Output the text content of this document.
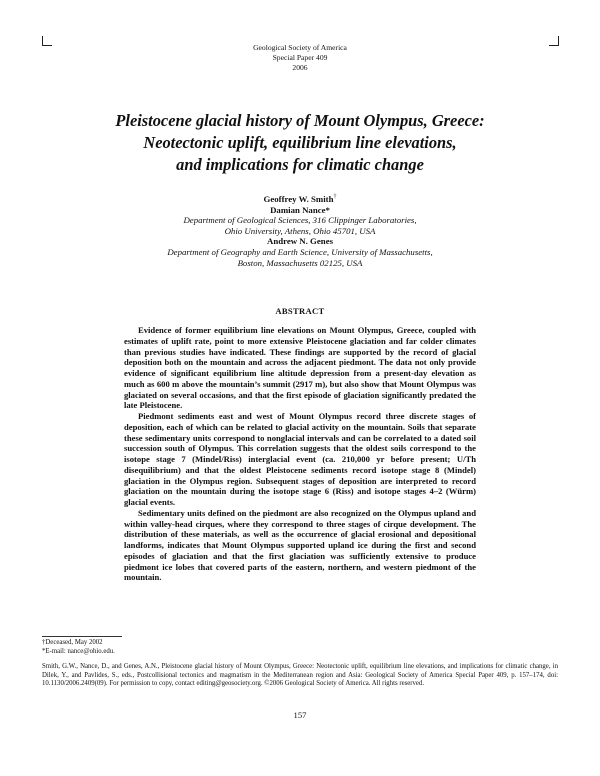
Geological Society of America
Special Paper 409
2006
Pleistocene glacial history of Mount Olympus, Greece:
Neotectonic uplift, equilibrium line elevations,
and implications for climatic change
Geoffrey W. Smith†
Damian Nance*
Department of Geological Sciences, 316 Clippinger Laboratories,
Ohio University, Athens, Ohio 45701, USA
Andrew N. Genes
Department of Geography and Earth Science, University of Massachusetts,
Boston, Massachusetts 02125, USA
ABSTRACT

Evidence of former equilibrium line elevations on Mount Olympus, Greece, coupled with estimates of uplift rate, point to more extensive Pleistocene glaciation and far colder climates than previous studies have indicated. These findings are supported by the record of glacial deposition both on the mountain and across the adjacent piedmont. The data not only provide evidence of significant equilibrium line altitude depression from a present-day elevation as much as 600 m above the mountain’s summit (2917 m), but also show that Mount Olympus was glaciated on several occasions, and that the first episode of glaciation significantly predated the late Pleistocene.

Piedmont sediments east and west of Mount Olympus record three discrete stages of deposition, each of which can be related to glacial activity on the mountain. Soils that separate these sedimentary units correspond to nonglacial intervals and can be correlated to a dated soil succession south of Olympus. This correlation suggests that the oldest soils correspond to the isotope stage 7 (Mindel/Riss) interglacial event (ca. 210,000 yr before present; U/Th disequilibrium) and that the oldest Pleistocene sediments record isotope stage 8 (Mindel) glaciation in the Olympus region. Subsequent stages of deposition are interpreted to record glaciation on the mountain during the isotope stage 6 (Riss) and isotope stages 4–2 (Würm) glacial events.

Sedimentary units defined on the piedmont are also recognized on the Olympus upland and within valley-head cirques, where they correspond to three stages of cirque development. The distribution of these materials, as well as the occurrence of glacial erosional and depositional landforms, indicates that Mount Olympus supported upland ice during the first and second episodes of glaciation and that the first glaciation was sufficiently extensive to produce piedmont ice lobes that covered parts of the eastern, northern, and western piedmont of the mountain.

†Deceased, May 2002
*E-mail: nance@ohio.edu.
Smith, G.W., Nance, D., and Genes, A.N., Pleistocene glacial history of Mount Olympus, Greece: Neotectonic uplift, equilibrium line elevations, and implications for climatic change, in Dilek, Y., and Pavlides, S., eds., Postcollisional tectonics and magmatism in the Mediterranean region and Asia: Geological Society of America Special Paper 409, p. 157–174, doi: 10.1130/2006.2409(09). For permission to copy, contact editing@geosociety.org. ©2006 Geological Society of America. All rights reserved.
157
